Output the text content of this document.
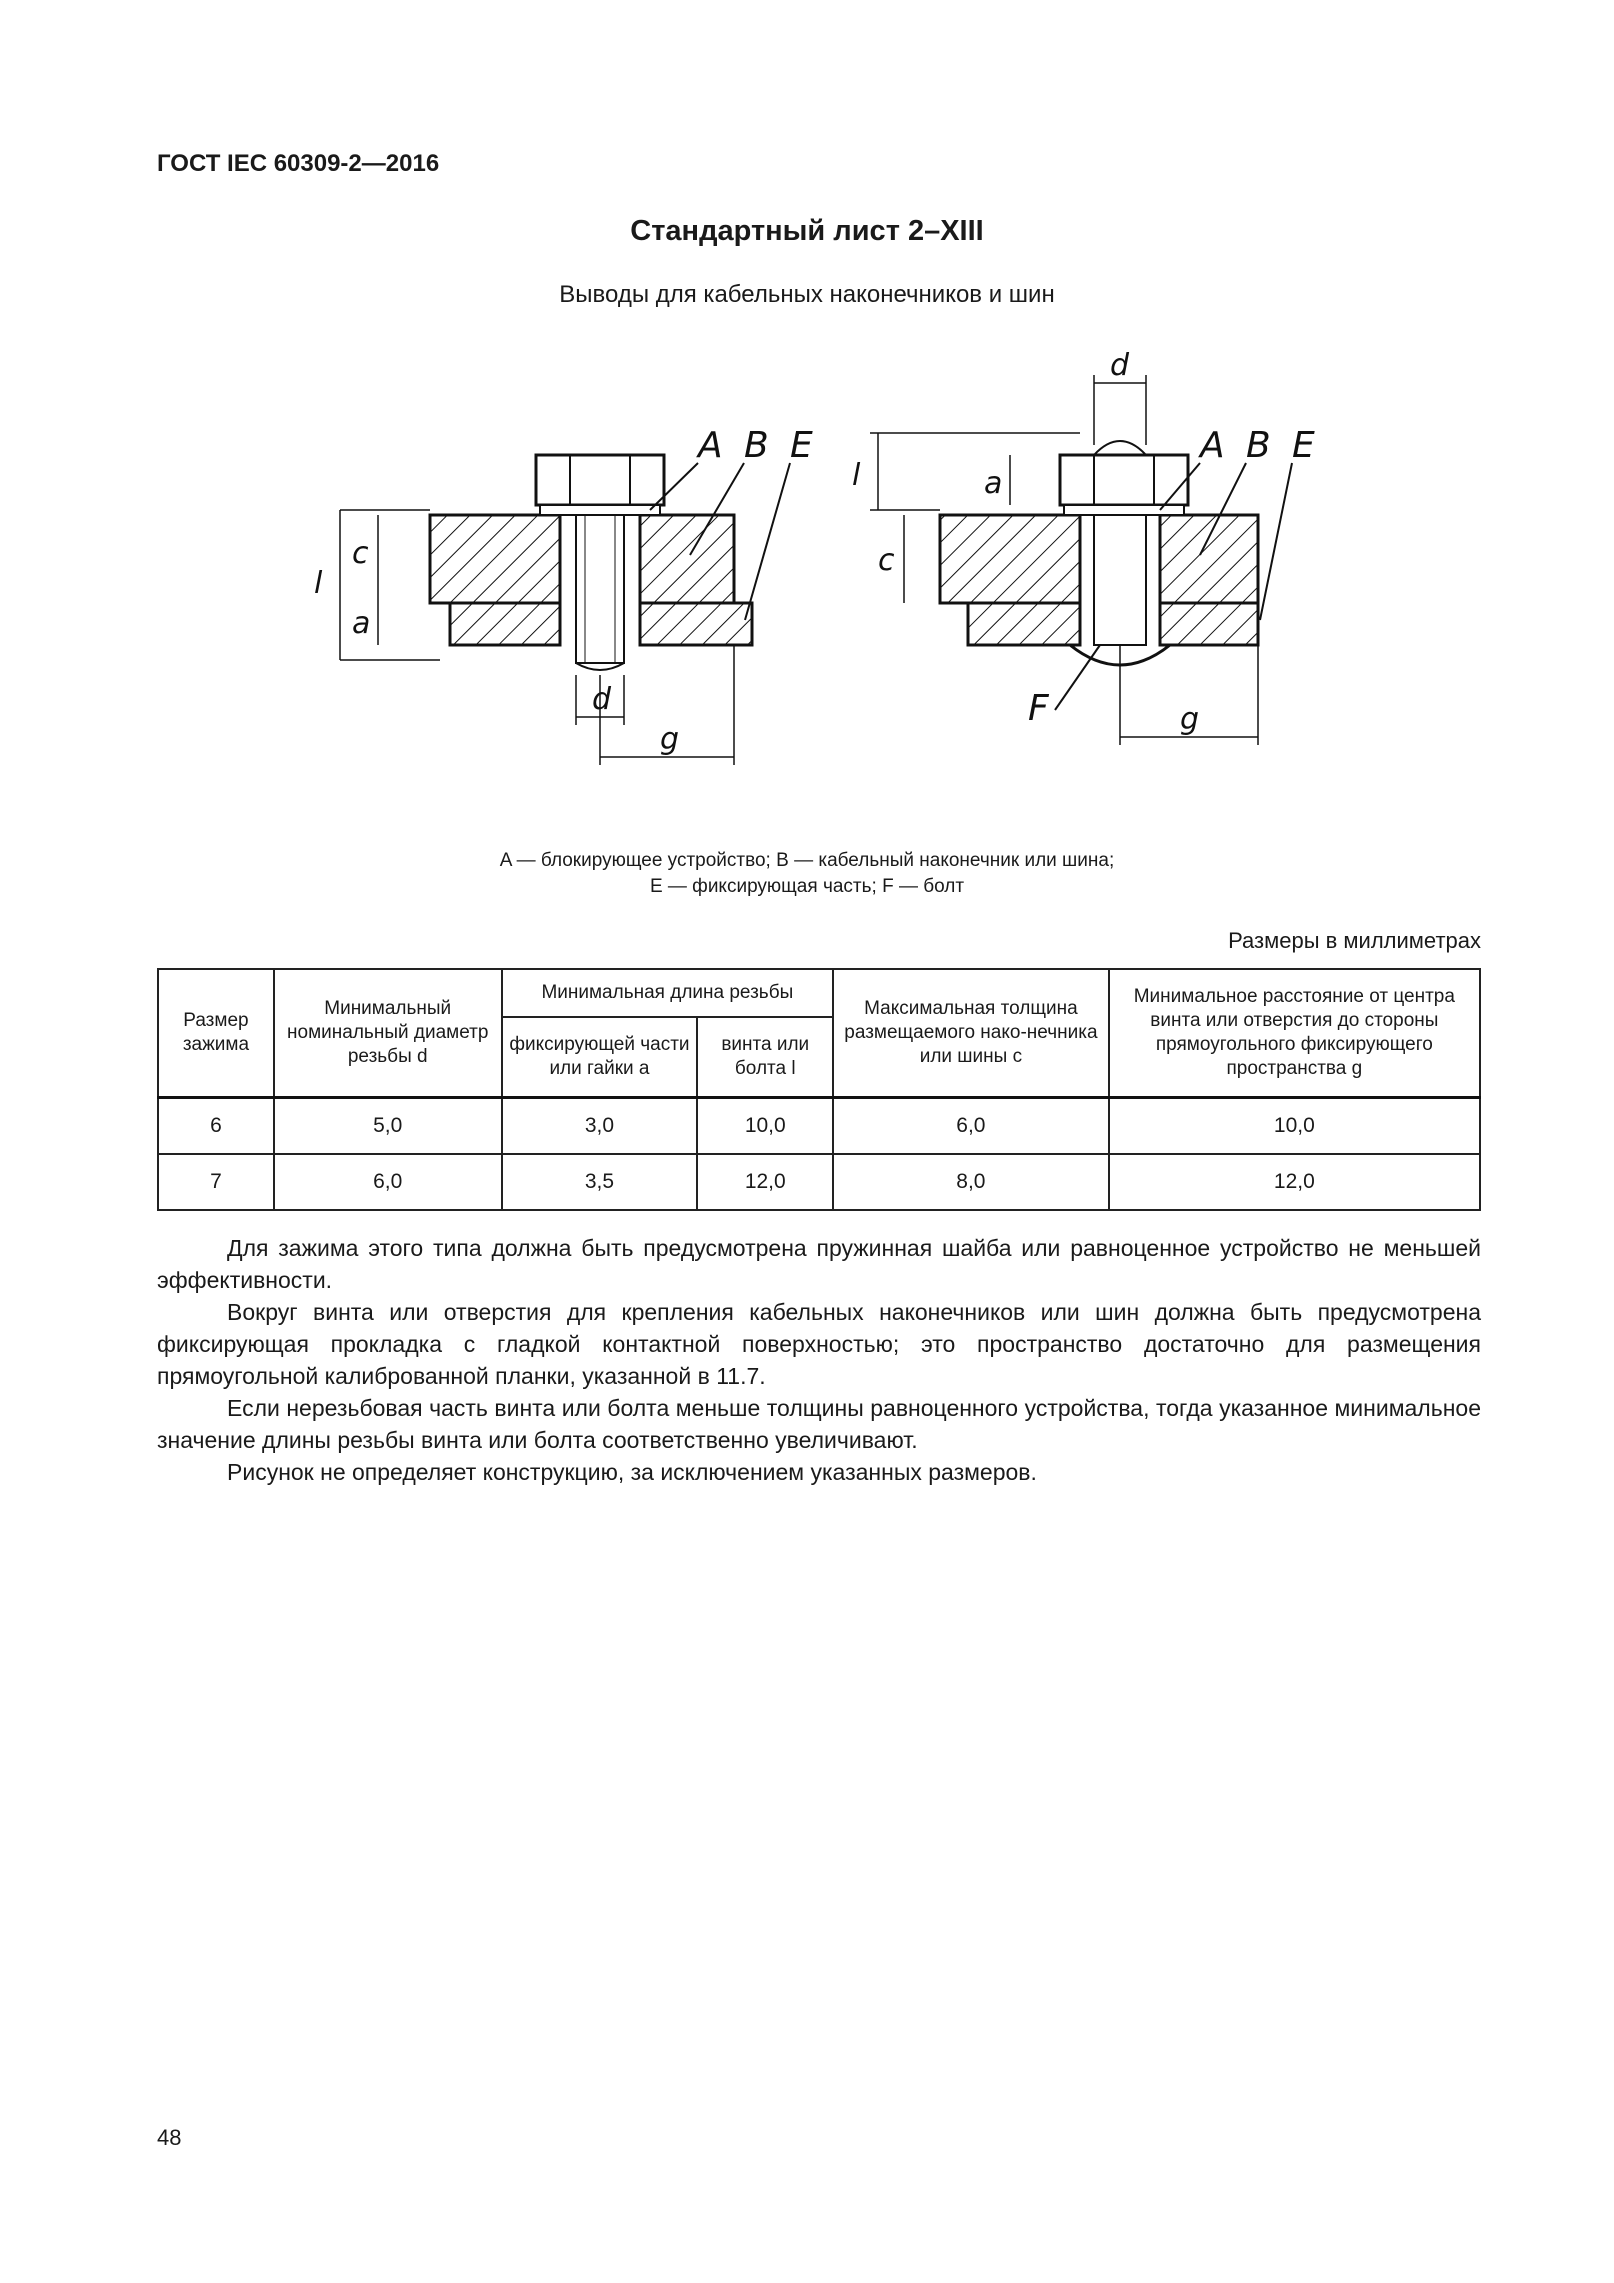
ГОСТ IEC 60309-2—2016
Стандартный лист 2–XIII
Выводы для кабельных наконечников и шин
A B E
l
c
a
d
g
A B E
d
l
c
a
F	g
A — блокирующее устройство; B — кабельный наконечник или шина;
E — фиксирующая часть; F — болт
Размеры в миллиметрах
Размер зажима	Минимальный номинальный диаметр резьбы d	Минимальная длина резьбы		Максимальная толщина размещаемого нако-нечника или шины c	Минимальное расстояние от центра винта или отверстия до стороны прямоугольного фиксирующего пространства g
		фиксирующей части или гайки a	винта или болта l		
6	5,0	3,0	10,0	6,0	10,0
7	6,0	3,5	12,0	8,0	12,0

Для зажима этого типа должна быть предусмотрена пружинная шайба или равноценное устройство не меньшей эффективности.

Вокруг винта или отверстия для крепления кабельных наконечников или шин должна быть предусмотрена фиксирующая прокладка с гладкой контактной поверхностью; это пространство достаточно для размещения прямоугольной калиброванной планки, указанной в 11.7.

Если нерезьбовая часть винта или болта меньше толщины равноценного устройства, тогда указанное минимальное значение длины резьбы винта или болта соответственно увеличивают.

Рисунок не определяет конструкцию, за исключением указанных размеров.

48
